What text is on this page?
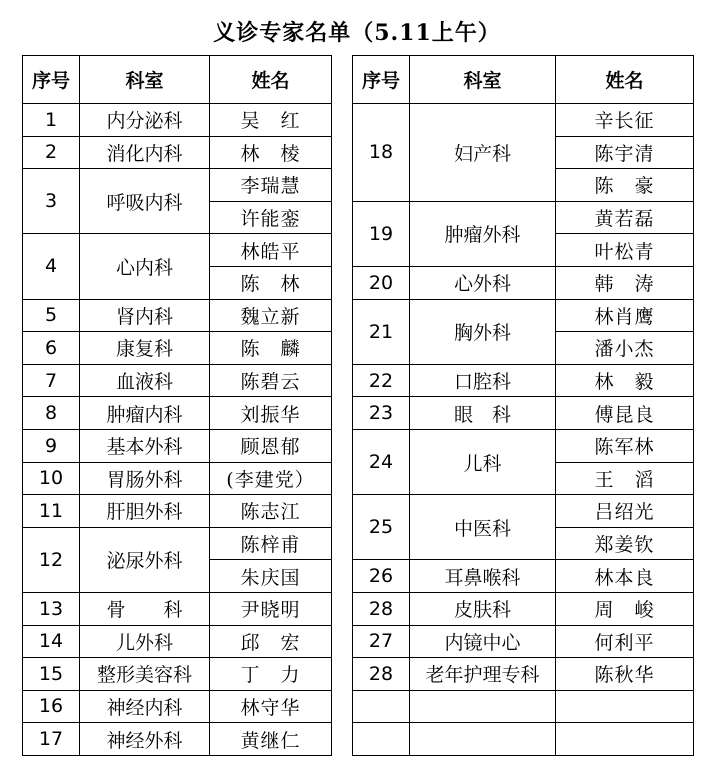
义诊专家名单（5.11上午）
序号	科室	姓名
1	内分泌科	吴　红
2	消化内科	林　棱
3	呼吸内科	李瑞慧
		许能銮
4	心内科	林皓平
		陈　林
5	肾内科	魏立新
6	康复科	陈　麟
7	血液科	陈碧云
8	肿瘤内科	刘振华
9	基本外科	顾恩郁
10	胃肠外科	(李建党）
11	肝胆外科	陈志江
12	泌尿外科	陈梓甫
		朱庆国
13	骨　　科	尹晓明
14	儿外科	邱　宏
15	整形美容科	丁　力
16	神经内科	林守华
17	神经外科	黄继仁
序号	科室	姓名
18	妇产科	辛长征
		陈宇清
		陈　豪
19	肿瘤外科	黄若磊
		叶松青
20	心外科	韩　涛
21	胸外科	林肖鹰
		潘小杰
22	口腔科	林　毅
23	眼　科	傅昆良
24	儿科	陈军林
		王　滔
25	中医科	吕绍光
		郑姜钦
26	耳鼻喉科	林本良
28	皮肤科	周　峻
27	内镜中心	何利平
28	老年护理专科	陈秋华
